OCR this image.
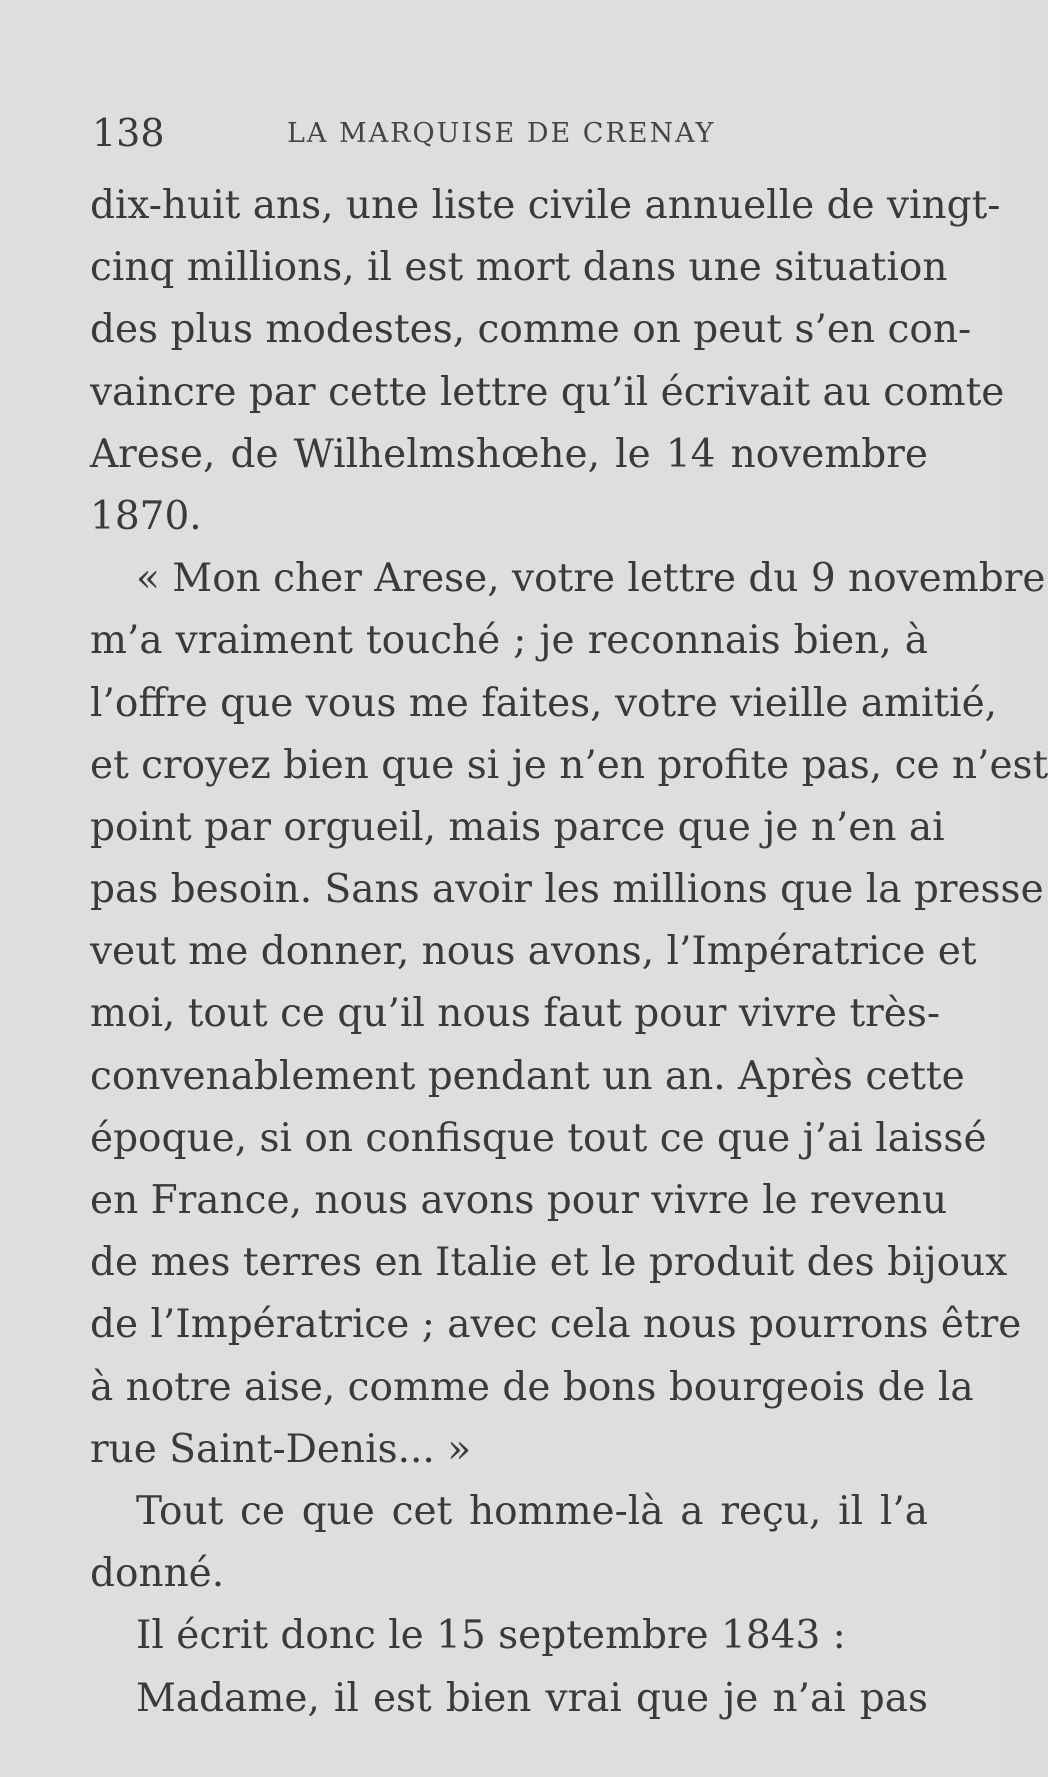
138	LA MARQUISE DE CRENAY
dix-huit ans, une liste civile annuelle de vingt-
cinq millions, il est mort dans une situation
des plus modestes, comme on peut s’en con-
vaincre par cette lettre qu’il écrivait au comte
Arese, de Wilhelmshœhe, le 14 novembre
1870.
« Mon cher Arese, votre lettre du 9 novembre
m’a vraiment touché ; je reconnais bien, à
l’offre que vous me faites, votre vieille amitié,
et croyez bien que si je n’en profite pas, ce n’est
point par orgueil, mais parce que je n’en ai
pas besoin. Sans avoir les millions que la presse
veut me donner, nous avons, l’Impératrice et
moi, tout ce qu’il nous faut pour vivre très-
convenablement pendant un an. Après cette
époque, si on confisque tout ce que j’ai laissé
en France, nous avons pour vivre le revenu
de mes terres en Italie et le produit des bijoux
de l’Impératrice ; avec cela nous pourrons être
à notre aise, comme de bons bourgeois de la
rue Saint-Denis... »
Tout ce que cet homme-là a reçu, il l’a
donné.
Il écrit donc le 15 septembre 1843 :
Madame, il est bien vrai que je n’ai pas
